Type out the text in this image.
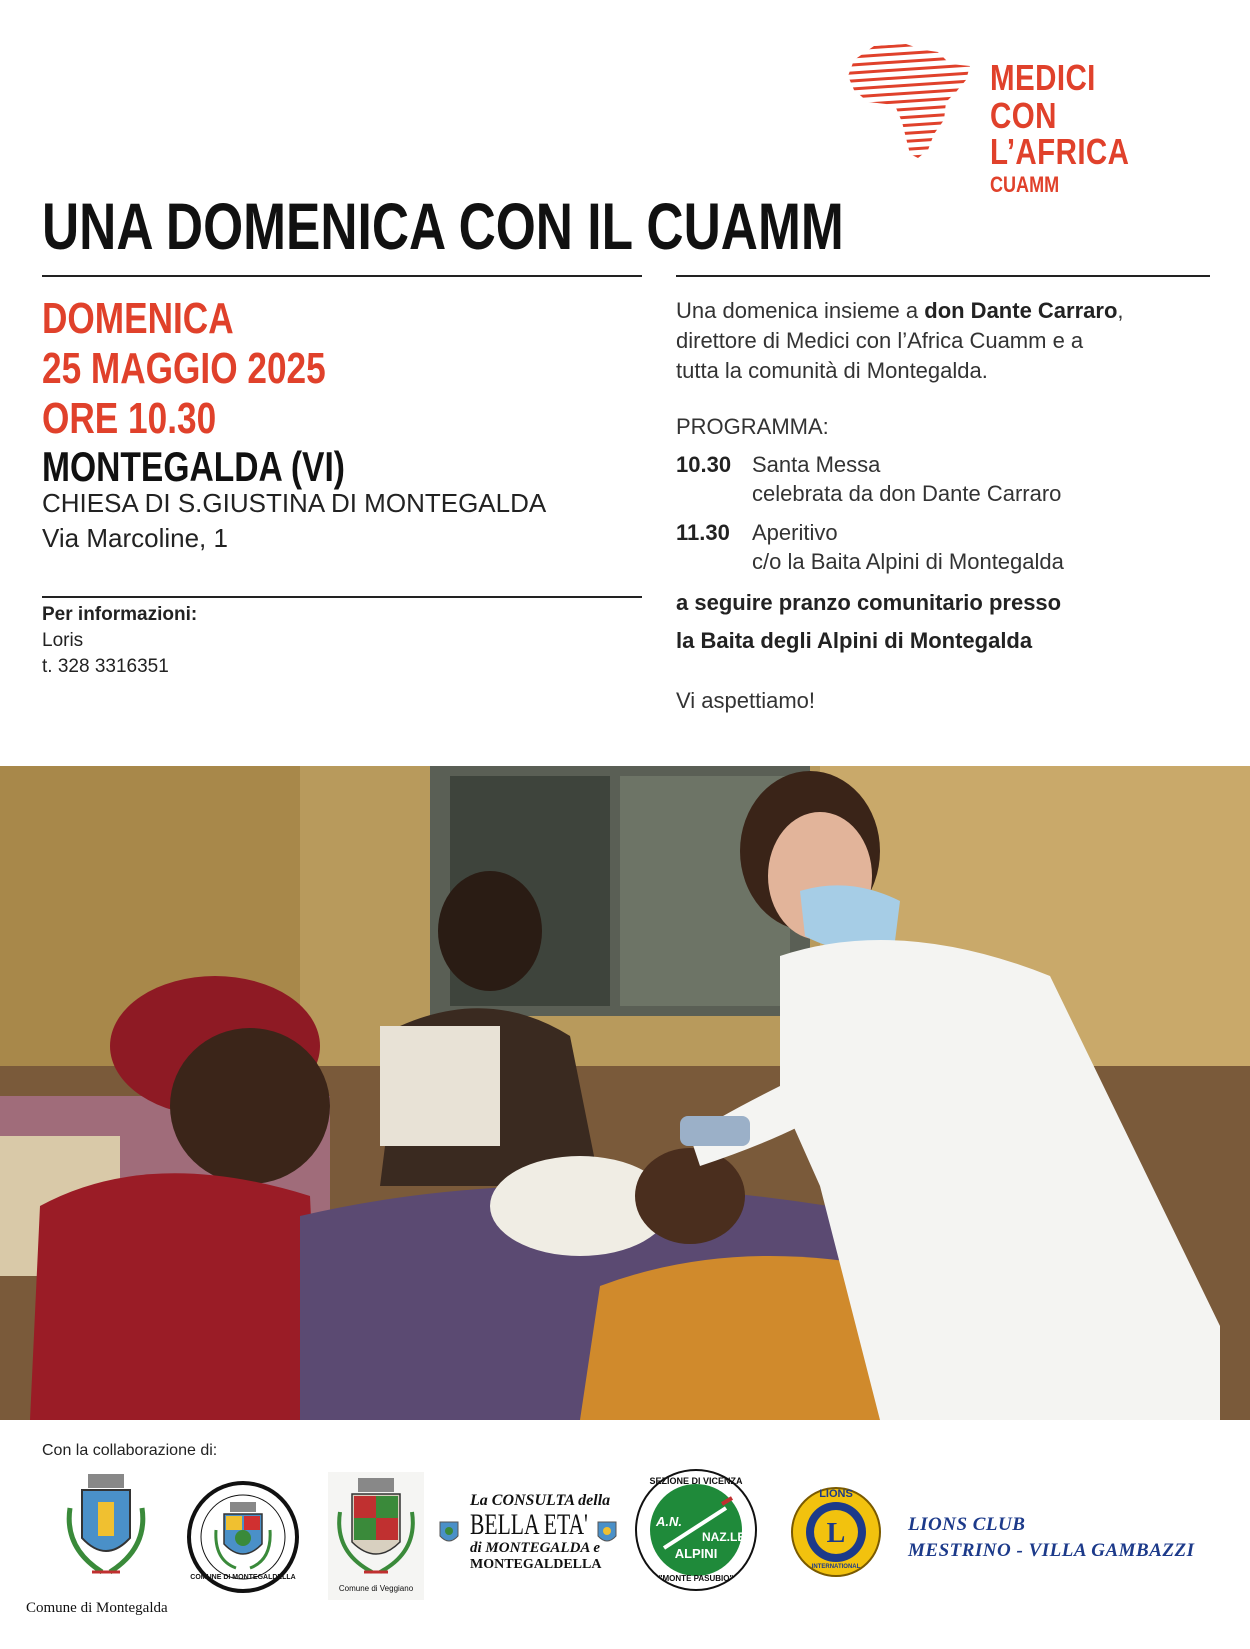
MEDICI
CON L’AFRICA
CUAMM
UNA DOMENICA CON IL CUAMM
DOMENICA
25 MAGGIO 2025
ORE 10.30
MONTEGALDA (VI)
CHIESA DI S.GIUSTINA DI MONTEGALDA
Via Marcoline, 1
Per informazioni:
Loris
t. 328 3316351
Una domenica insieme a don Dante Carraro,
direttore di Medici con l’Africa Cuamm e a
tutta la comunità di Montegalda.
PROGRAMMA:
10.30 Santa Messa
celebrata da don Dante Carraro
11.30 Aperitivo
c/o la Baita Alpini di Montegalda
a seguire pranzo comunitario presso
la Baita degli Alpini di Montegalda
Vi aspettiamo!
Con la collaborazione di:
Comune di Montegalda
COMUNE DI MONTEGALDELLA
Comune di Veggiano
La CONSULTA della
BELLA ETA'
di MONTEGALDA e
MONTEGALDELLA
SEZIONE DI VICENZA
A.N.
NAZ.LE
ALPINI
"MONTE PASUBIO"
L
LIONS
INTERNATIONAL
LIONS CLUB
MESTRINO - VILLA GAMBAZZI
